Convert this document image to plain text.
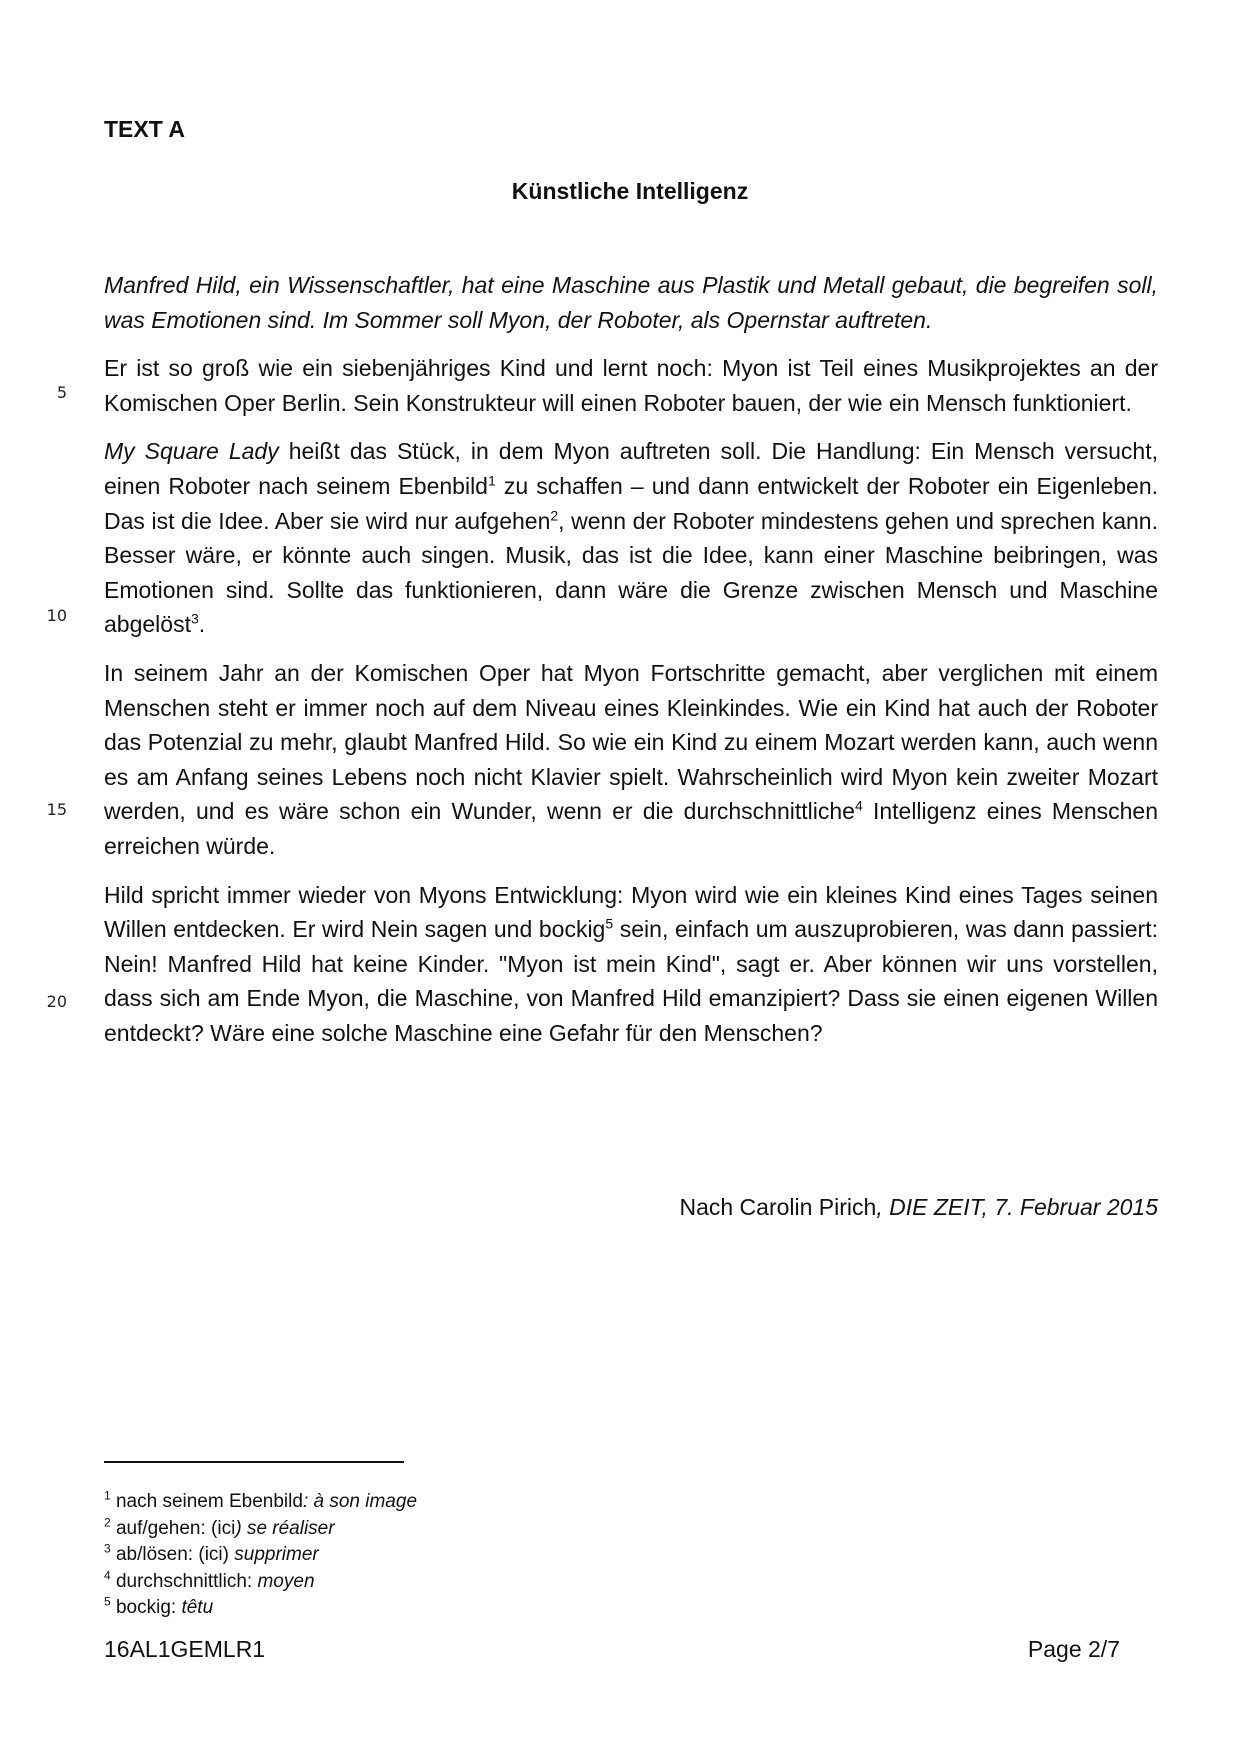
TEXT A

Künstliche Intelligenz
5
10
15
20

Manfred Hild, ein Wissenschaftler, hat eine Maschine aus Plastik und Metall gebaut, die begreifen soll, was Emotionen sind. Im Sommer soll Myon, der Roboter, als Opernstar auftreten.

Er ist so groß wie ein siebenjähriges Kind und lernt noch: Myon ist Teil eines Musikprojektes an der Komischen Oper Berlin. Sein Konstrukteur will einen Roboter bauen, der wie ein Mensch funktioniert.

My Square Lady heißt das Stück, in dem Myon auftreten soll. Die Handlung: Ein Mensch versucht, einen Roboter nach seinem Ebenbild$^1$ zu schaffen – und dann entwickelt der Roboter ein Eigenleben. Das ist die Idee. Aber sie wird nur aufgehen$^2$, wenn der Roboter mindestens gehen und sprechen kann. Besser wäre, er könnte auch singen. Musik, das ist die Idee, kann einer Maschine beibringen, was Emotionen sind. Sollte das funktionieren, dann wäre die Grenze zwischen Mensch und Maschine abgelöst$^3$.

In seinem Jahr an der Komischen Oper hat Myon Fortschritte gemacht, aber verglichen mit einem Menschen steht er immer noch auf dem Niveau eines Kleinkindes. Wie ein Kind hat auch der Roboter das Potenzial zu mehr, glaubt Manfred Hild. So wie ein Kind zu einem Mozart werden kann, auch wenn es am Anfang seines Lebens noch nicht Klavier spielt. Wahrscheinlich wird Myon kein zweiter Mozart werden, und es wäre schon ein Wunder, wenn er die durchschnittliche$^4$ Intelligenz eines Menschen erreichen würde.

Hild spricht immer wieder von Myons Entwicklung: Myon wird wie ein kleines Kind eines Tages seinen Willen entdecken. Er wird Nein sagen und bockig$^5$ sein, einfach um auszuprobieren, was dann passiert: Nein! Manfred Hild hat keine Kinder. "Myon ist mein Kind", sagt er. Aber können wir uns vorstellen, dass sich am Ende Myon, die Maschine, von Manfred Hild emanzipiert? Dass sie einen eigenen Willen entdeckt? Wäre eine solche Maschine eine Gefahr für den Menschen?

Nach Carolin Pirich, DIE ZEIT, 7. Februar 2015

$^1$ nach seinem Ebenbild: à son image
$^2$ auf/gehen: (ici) se réaliser
$^3$ ab/lösen: (ici) supprimer
$^4$ durchschnittlich: moyen
$^5$ bockig: têtu

16AL1GEMLR1	Page 2/7
